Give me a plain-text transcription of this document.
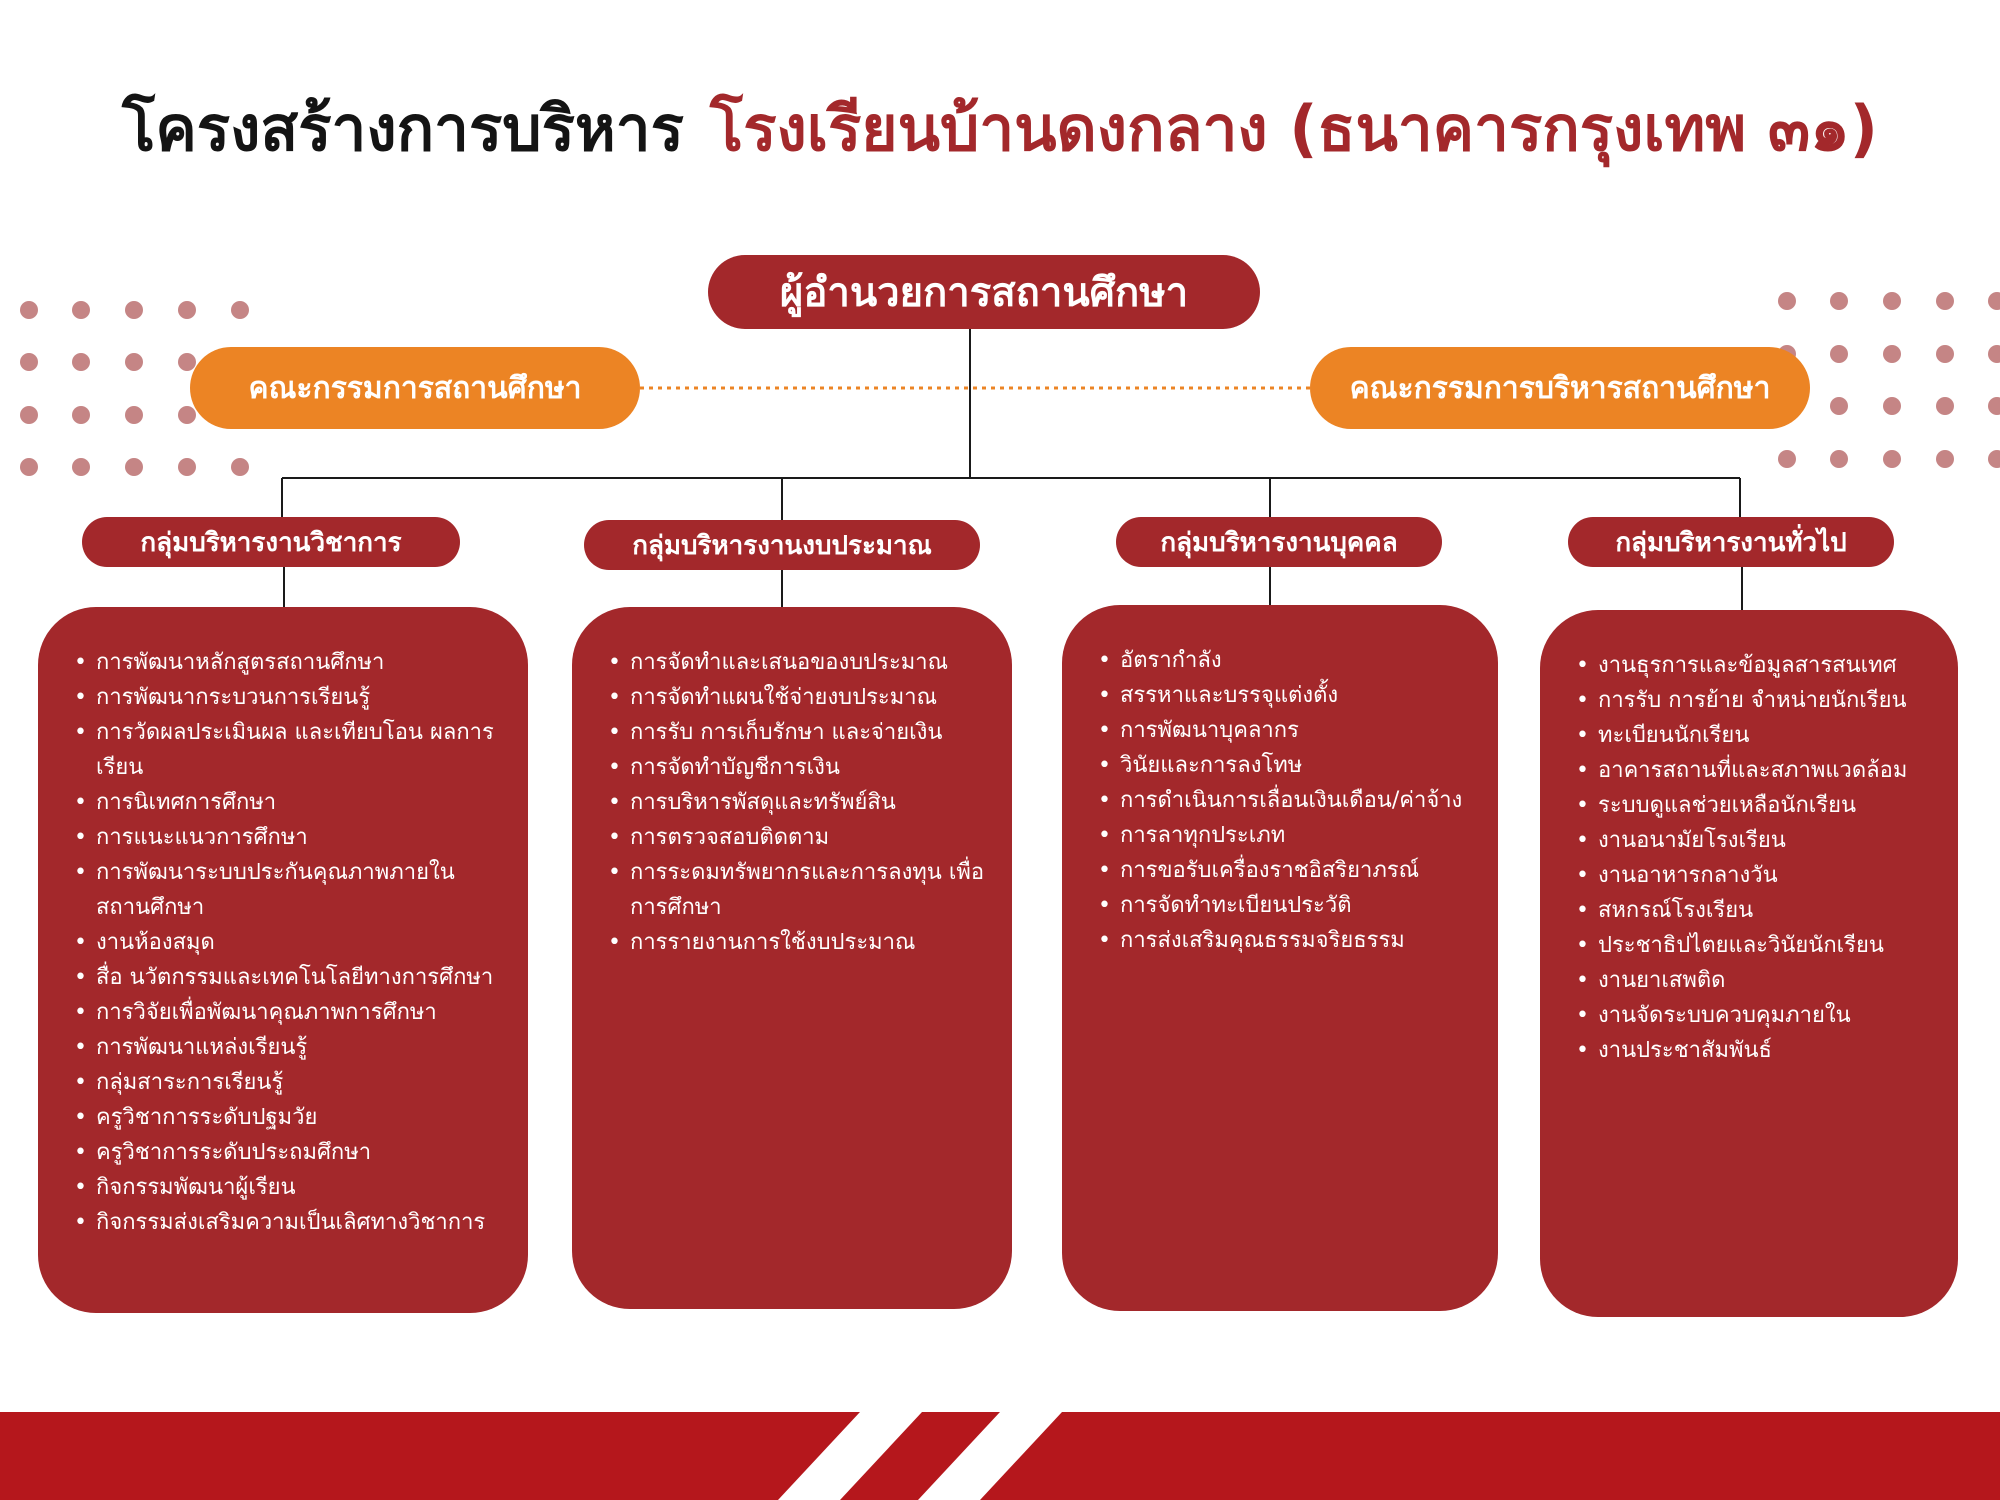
โครงสร้างการบริหาร โรงเรียนบ้านดงกลาง (ธนาคารกรุงเทพ ๓๑)
ผู้อำนวยการสถานศึกษา
คณะกรรมการสถานศึกษา	คณะกรรมการบริหารสถานศึกษา
กลุ่มบริหารงานวิชาการ	กลุ่มบริหารงานงบประมาณ	กลุ่มบริหารงานบุคคล	กลุ่มบริหารงานทั่วไป
• การพัฒนาหลักสูตรสถานศึกษา
• การพัฒนากระบวนการเรียนรู้
• การวัดผลประเมินผล และเทียบโอน ผลการเรียน
• การนิเทศการศึกษา
• การแนะแนวการศึกษา
• การพัฒนาระบบประกันคุณภาพภายใน สถานศึกษา
• งานห้องสมุด
• สื่อ นวัตกรรมและเทคโนโลยีทางการศึกษา
• การวิจัยเพื่อพัฒนาคุณภาพการศึกษา
• การพัฒนาแหล่งเรียนรู้
• กลุ่มสาระการเรียนรู้
• ครูวิชาการระดับปฐมวัย
• ครูวิชาการระดับประถมศึกษา
• กิจกรรมพัฒนาผู้เรียน
• กิจกรรมส่งเสริมความเป็นเลิศทางวิชาการ
• การจัดทำและเสนอของบประมาณ
• การจัดทำแผนใช้จ่ายงบประมาณ
• การรับ การเก็บรักษา และจ่ายเงิน
• การจัดทำบัญชีการเงิน
• การบริหารพัสดุและทรัพย์สิน
• การตรวจสอบติดตาม
• การระดมทรัพยากรและการลงทุน เพื่อการศึกษา
• การรายงานการใช้งบประมาณ
• อัตรากำลัง
• สรรหาและบรรจุแต่งตั้ง
• การพัฒนาบุคลากร
• วินัยและการลงโทษ
• การดำเนินการเลื่อนเงินเดือน/ค่าจ้าง
• การลาทุกประเภท
• การขอรับเครื่องราชอิสริยาภรณ์
• การจัดทำทะเบียนประวัติ
• การส่งเสริมคุณธรรมจริยธรรม
• งานธุรการและข้อมูลสารสนเทศ
• การรับ การย้าย จำหน่ายนักเรียน
• ทะเบียนนักเรียน
• อาคารสถานที่และสภาพแวดล้อม
• ระบบดูแลช่วยเหลือนักเรียน
• งานอนามัยโรงเรียน
• งานอาหารกลางวัน
• สหกรณ์โรงเรียน
• ประชาธิปไตยและวินัยนักเรียน
• งานยาเสพติด
• งานจัดระบบควบคุมภายใน
• งานประชาสัมพันธ์
